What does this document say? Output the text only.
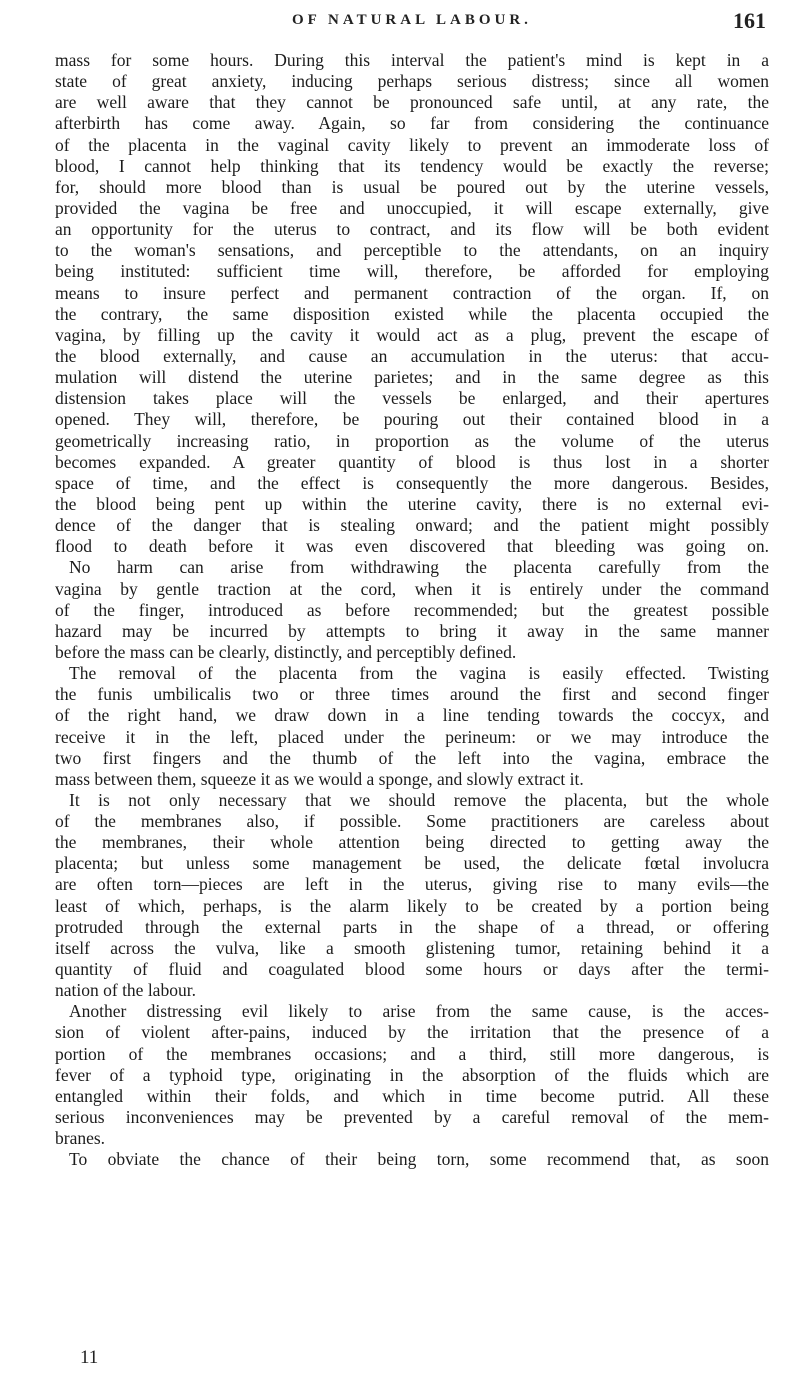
OF NATURAL LABOUR.	161
mass for some hours. During this interval the patient's mind is kept in a
state of great anxiety, inducing perhaps serious distress; since all women
are well aware that they cannot be pronounced safe until, at any rate, the
afterbirth has come away. Again, so far from considering the continuance
of the placenta in the vaginal cavity likely to prevent an immoderate loss of
blood, I cannot help thinking that its tendency would be exactly the reverse;
for, should more blood than is usual be poured out by the uterine vessels,
provided the vagina be free and unoccupied, it will escape externally, give
an opportunity for the uterus to contract, and its flow will be both evident
to the woman's sensations, and perceptible to the attendants, on an inquiry
being instituted: sufficient time will, therefore, be afforded for employing
means to insure perfect and permanent contraction of the organ. If, on
the contrary, the same disposition existed while the placenta occupied the
vagina, by filling up the cavity it would act as a plug, prevent the escape of
the blood externally, and cause an accumulation in the uterus: that accu-
mulation will distend the uterine parietes; and in the same degree as this
distension takes place will the vessels be enlarged, and their apertures
opened. They will, therefore, be pouring out their contained blood in a
geometrically increasing ratio, in proportion as the volume of the uterus
becomes expanded. A greater quantity of blood is thus lost in a shorter
space of time, and the effect is consequently the more dangerous. Besides,
the blood being pent up within the uterine cavity, there is no external evi-
dence of the danger that is stealing onward; and the patient might possibly
flood to death before it was even discovered that bleeding was going on.
No harm can arise from withdrawing the placenta carefully from the
vagina by gentle traction at the cord, when it is entirely under the command
of the finger, introduced as before recommended; but the greatest possible
hazard may be incurred by attempts to bring it away in the same manner
before the mass can be clearly, distinctly, and perceptibly defined.
The removal of the placenta from the vagina is easily effected. Twisting
the funis umbilicalis two or three times around the first and second finger
of the right hand, we draw down in a line tending towards the coccyx, and
receive it in the left, placed under the perineum: or we may introduce the
two first fingers and the thumb of the left into the vagina, embrace the
mass between them, squeeze it as we would a sponge, and slowly extract it.
It is not only necessary that we should remove the placenta, but the whole
of the membranes also, if possible. Some practitioners are careless about
the membranes, their whole attention being directed to getting away the
placenta; but unless some management be used, the delicate fœtal involucra
are often torn—pieces are left in the uterus, giving rise to many evils—the
least of which, perhaps, is the alarm likely to be created by a portion being
protruded through the external parts in the shape of a thread, or offering
itself across the vulva, like a smooth glistening tumor, retaining behind it a
quantity of fluid and coagulated blood some hours or days after the termi-
nation of the labour.
Another distressing evil likely to arise from the same cause, is the acces-
sion of violent after-pains, induced by the irritation that the presence of a
portion of the membranes occasions; and a third, still more dangerous, is
fever of a typhoid type, originating in the absorption of the fluids which are
entangled within their folds, and which in time become putrid. All these
serious inconveniences may be prevented by a careful removal of the mem-
branes.
To obviate the chance of their being torn, some recommend that, as soon
11
